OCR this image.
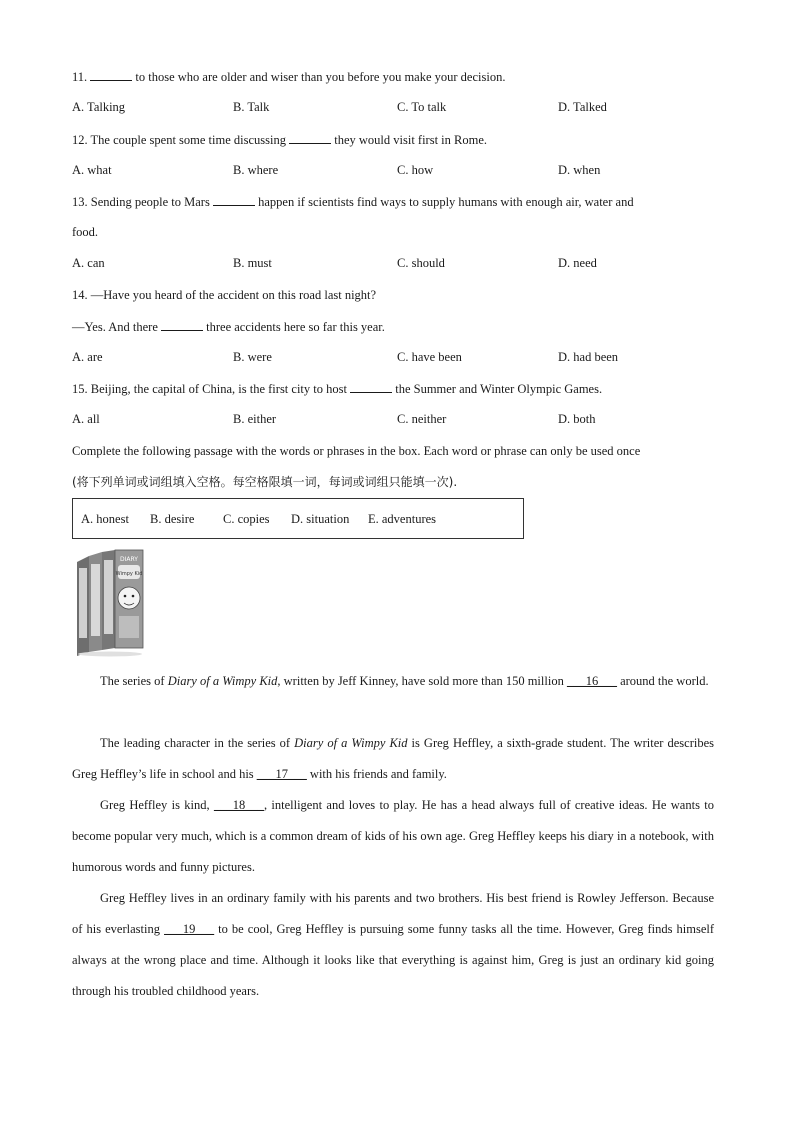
11.	to those who are older and wiser than you before you make your decision.
A. Talking	B. Talk	C. To talk	D. Talked
12. The couple spent some time discussing	they would visit first in Rome.
A. what	B. where	C. how	D. when
13. Sending people to Mars	happen if scientists find ways to supply humans with enough air, water and
food.
A. can	B. must	C. should	D. need
14. —Have you heard of the accident on this road last night?
—Yes. And there	three accidents here so far this year.
A. are	B. were	C. have been	D. had been
15. Beijing, the capital of China, is the first city to host	the Summer and Winter Olympic Games.
A. all	B. either	C. neither	D. both
Complete the following passage with the words or phrases in the box. Each word or phrase can only be used once
(将下列单词或词组填入空格。每空格限填一词，每词或词组只能填一次).
A. honest B. desire C. copies D. situation E. adventures
DIARY
Wimpy Kid
The series of Diary of a Wimpy Kid, written by Jeff Kinney, have sold more than 150 million ___16___ around the world.
The leading character in the series of Diary of a Wimpy Kid is Greg Heffley, a sixth-grade student. The writer describes Greg Heffley’s life in school and his ___17___ with his friends and family.
Greg Heffley is kind, ___18___, intelligent and loves to play. He has a head always full of creative ideas. He wants to become popular very much, which is a common dream of kids of his own age. Greg Heffley keeps his diary in a notebook, with humorous words and funny pictures.
Greg Heffley lives in an ordinary family with his parents and two brothers. His best friend is Rowley Jefferson. Because of his everlasting ___19___ to be cool, Greg Heffley is pursuing some funny tasks all the time. However, Greg finds himself always at the wrong place and time. Although it looks like that everything is against him, Greg is just an ordinary kid going through his troubled childhood years.
